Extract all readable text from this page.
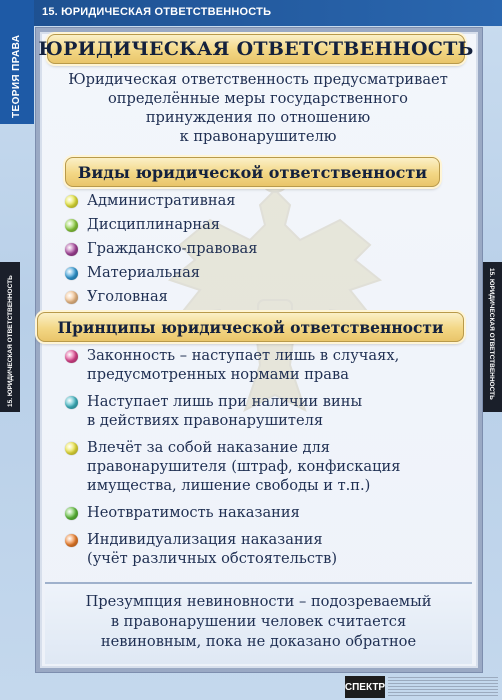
15. ЮРИДИЧЕСКАЯ ОТВЕТСТВЕННОСТЬ
ТЕОРИЯ ПРАВА
15. ЮРИДИЧЕСКАЯ ОТВЕТСТВЕННОСТЬ	15. ЮРИДИЧЕСКАЯ ОТВЕТСТВЕННОСТЬ
ЮРИДИЧЕСКАЯ ОТВЕТСТВЕННОСТЬ
Юридическая ответственность предусматривает
определённые меры государственного
принуждения по отношению
к правонарушителю
Виды юридической ответственности
Административная
Дисциплинарная
Гражданско-правовая
Материальная
Уголовная
Принципы юридической ответственности
Законность – наступает лишь в случаях,
предусмотренных нормами права
Наступает лишь при наличии вины
в действиях правонарушителя
Влечёт за собой наказание для
правонарушителя (штраф, конфискация
имущества, лишение свободы и т.п.)
Неотвратимость наказания
Индивидуализация наказания
(учёт различных обстоятельств)
Презумпция невиновности – подозреваемый
в правонарушении человек считается
невиновным, пока не доказано обратное
СПЕКТР
